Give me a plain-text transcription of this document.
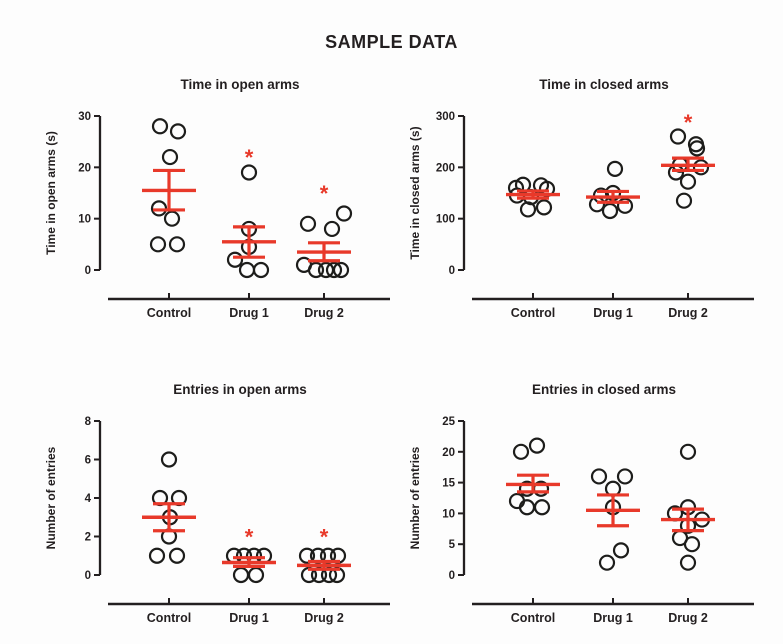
SAMPLE DATA
Time in open arms
0
10
20
30
Time in open arms (s)
Control	Drug 1	Drug 2
*
*
Time in closed arms
0
100
200
300
Time in closed arms (s)
Control	Drug 1	Drug 2
*
Entries in open arms
0
2
4
6
8
Number of entries
Control	Drug 1	Drug 2
*	*
Entries in closed arms
0
5
10
15
20
25
Number of entries
Control	Drug 1	Drug 2
